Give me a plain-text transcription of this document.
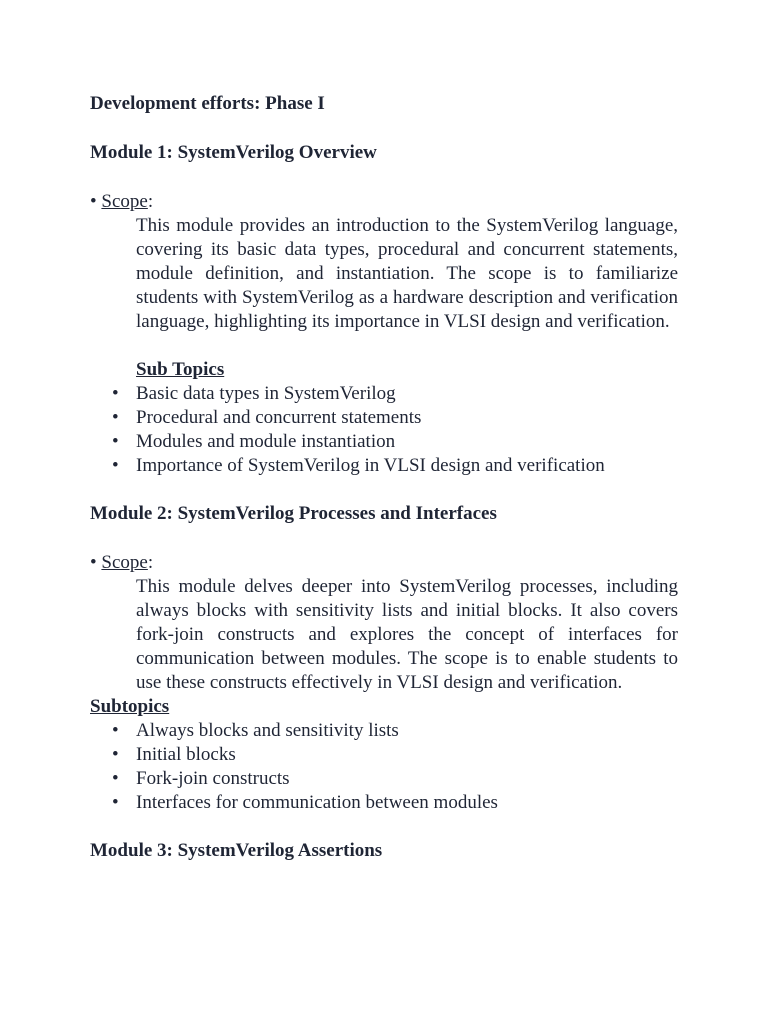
Development efforts: Phase I

Module 1: SystemVerilog Overview

• Scope:

This module provides an introduction to the SystemVerilog language, covering its basic data types, procedural and concurrent statements, module definition, and instantiation. The scope is to familiarize students with SystemVerilog as a hardware description and verification language, highlighting its importance in VLSI design and verification.

Sub Topics

• Basic data types in SystemVerilog
• Procedural and concurrent statements
• Modules and module instantiation
• Importance of SystemVerilog in VLSI design and verification

Module 2: SystemVerilog Processes and Interfaces

• Scope:

This module delves deeper into SystemVerilog processes, including always blocks with sensitivity lists and initial blocks. It also covers fork-join constructs and explores the concept of interfaces for communication between modules. The scope is to enable students to use these constructs effectively in VLSI design and verification.

Subtopics

• Always blocks and sensitivity lists
• Initial blocks
• Fork-join constructs
• Interfaces for communication between modules

Module 3: SystemVerilog Assertions
